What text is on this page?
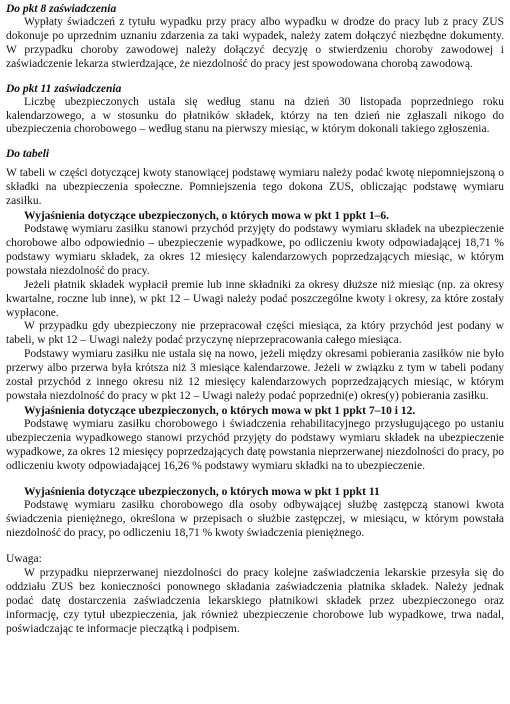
Do pkt 8 zaświadczenia

Wypłaty świadczeń z tytułu wypadku przy pracy albo wypadku w drodze do pracy lub z pracy ZUS dokonuje po uprzednim uznaniu zdarzenia za taki wypadek, należy zatem dołączyć niezbędne dokumenty. W przypadku choroby zawodowej należy dołączyć decyzję o stwierdzeniu choroby zawodowej i zaświadczenie lekarza stwierdzające, że niezdolność do pracy jest spowodowana chorobą zawodową.

Do pkt 11 zaświadczenia

Liczbę ubezpieczonych ustala się według stanu na dzień 30 listopada poprzedniego roku kalendarzowego, a w stosunku do płatników składek, którzy na ten dzień nie zgłaszali nikogo do ubezpieczenia chorobowego – według stanu na pierwszy miesiąc, w którym dokonali takiego zgłoszenia.

Do tabeli

W tabeli w części dotyczącej kwoty stanowiącej podstawę wymiaru należy podać kwotę niepomniejszoną o składki na ubezpieczenia społeczne. Pomniejszenia tego dokona ZUS, obliczając podstawę wymiaru zasiłku.

Wyjaśnienia dotyczące ubezpieczonych, o których mowa w pkt 1 ppkt 1–6.

Podstawę wymiaru zasiłku stanowi przychód przyjęty do podstawy wymiaru składek na ubezpieczenie chorobowe albo odpowiednio – ubezpieczenie wypadkowe, po odliczeniu kwoty odpowiadającej 18,71 % podstawy wymiaru składek, za okres 12 miesięcy kalendarzowych poprzedzających miesiąc, w którym powstała niezdolność do pracy.

Jeżeli płatnik składek wypłacił premie lub inne składniki za okresy dłuższe niż miesiąc (np. za okresy kwartalne, roczne lub inne), w pkt 12 – Uwagi należy podać poszczególne kwoty i okresy, za które zostały wypłacone.

W przypadku gdy ubezpieczony nie przepracował części miesiąca, za który przychód jest podany w tabeli, w pkt 12 – Uwagi należy podać przyczynę nieprzepracowania całego miesiąca.

Podstawy wymiaru zasiłku nie ustala się na nowo, jeżeli między okresami pobierania zasiłków nie było przerwy albo przerwa była krótsza niż 3 miesiące kalendarzowe. Jeżeli w związku z tym w tabeli podany został przychód z innego okresu niż 12 miesięcy kalendarzowych poprzedzających miesiąc, w którym powstała niezdolność do pracy w pkt 12 – Uwagi należy podać poprzedni(e) okres(y) pobierania zasiłku.

Wyjaśnienia dotyczące ubezpieczonych, o których mowa w pkt 1 ppkt 7–10 i 12.

Podstawę wymiaru zasiłku chorobowego i świadczenia rehabilitacyjnego przysługującego po ustaniu ubezpieczenia wypadkowego stanowi przychód przyjęty do podstawy wymiaru składek na ubezpieczenie wypadkowe, za okres 12 miesięcy poprzedzających datę powstania nieprzerwanej niezdolności do pracy, po odliczeniu kwoty odpowiadającej 16,26 % podstawy wymiaru składki na to ubezpieczenie.

Wyjaśnienia dotyczące ubezpieczonych, o których mowa w pkt 1 ppkt 11

Podstawę wymiaru zasiłku chorobowego dla osoby odbywającej służbę zastępczą stanowi kwota świadczenia pieniężnego, określona w przepisach o służbie zastępczej, w miesiącu, w którym powstała niezdolność do pracy, po odliczeniu 18,71 % kwoty świadczenia pieniężnego.

Uwaga:

W przypadku nieprzerwanej niezdolności do pracy kolejne zaświadczenia lekarskie przesyła się do oddziału ZUS bez konieczności ponownego składania zaświadczenia płatnika składek. Należy jednak podać datę dostarczenia zaświadczenia lekarskiego płatnikowi składek przez ubezpieczonego oraz informację, czy tytuł ubezpieczenia, jak również ubezpieczenie chorobowe lub wypadkowe, trwa nadal, poświadczając te informacje pieczątką i podpisem.
